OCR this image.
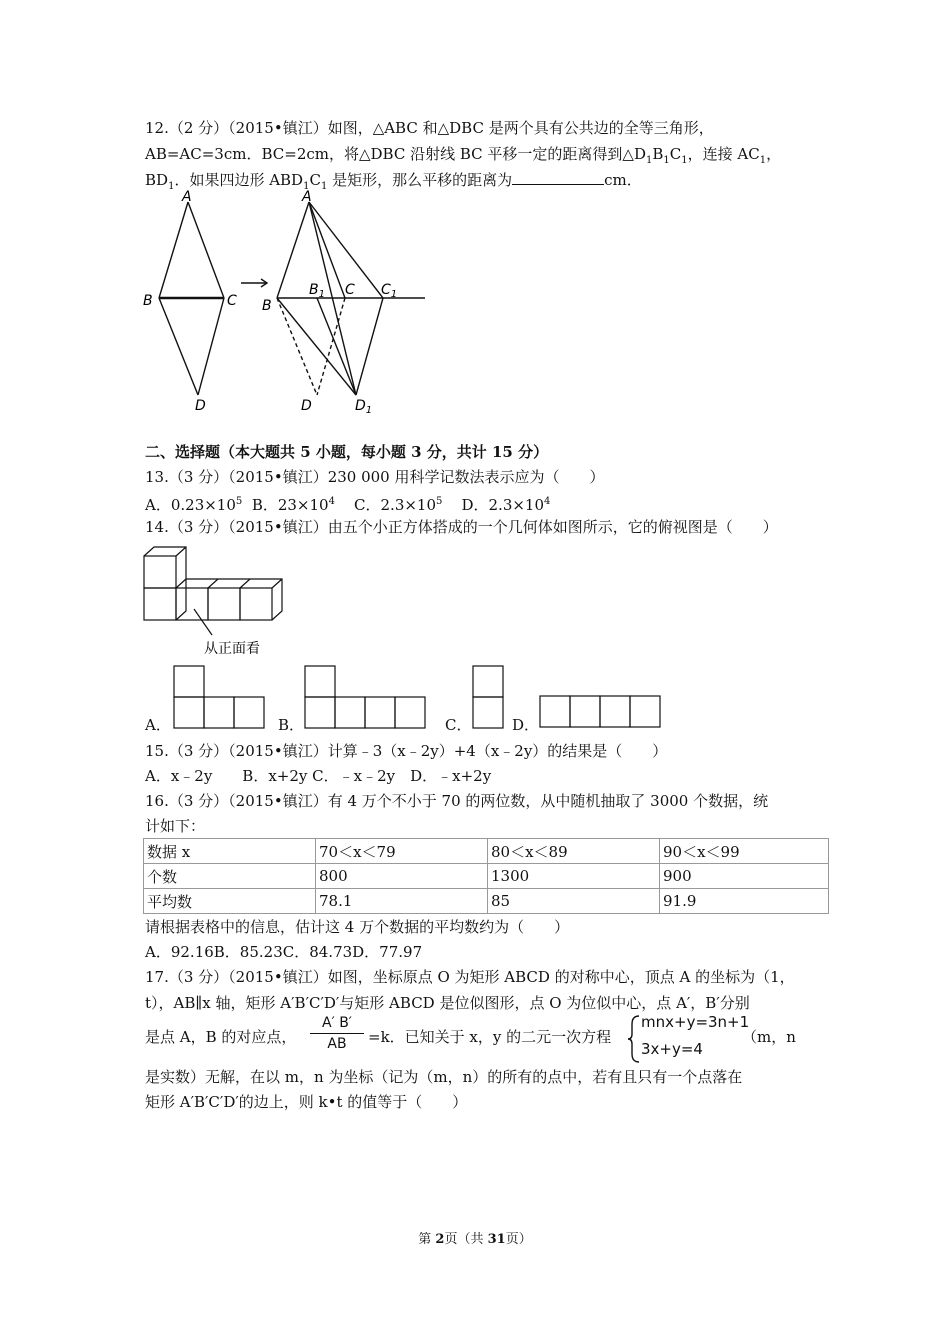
12.（2 分）（2015•镇江）如图，△ABC 和△DBC 是两个具有公共边的全等三角形，
AB=AC=3cm．BC=2cm，将△DBC 沿射线 BC 平移一定的距离得到$\triangle D_1B_1C_1$，连接 $AC_1$，
$BD_1$．如果四边形 $ABD_1C_1$ 是矩形，那么平移的距离为	cm．
A
B	C
D
A
B
$B_1$ C $C_1$
D	$D_1$
二、选择题（本大题共 5 小题，每小题 3 分，共计 15 分）
13.（3 分）（2015•镇江）230 000 用科学记数法表示应为（　　）
A．$0.23\times 10^5$ B．$23\times 10^4$ C．$2.3\times 10^5$ D．$2.3\times 10^4$
14.（3 分）（2015•镇江）由五个小正方体搭成的一个几何体如图所示，它的俯视图是（　　）
从正面看
A．	B．	C．	D．
15.（3 分）（2015•镇江）计算﹣3（x﹣2y）+4（x﹣2y）的结果是（　　）
A．x﹣2y　　B．x+2y C．﹣x﹣2y　D．﹣x+2y
16.（3 分）（2015•镇江）有 4 万个不小于 70 的两位数，从中随机抽取了 3000 个数据，统
计如下：
数据 x	70＜x＜79	80＜x＜89	90＜x＜99
个数	800	1300	900
平均数	78.1	85	91.9
请根据表格中的信息，估计这 4 万个数据的平均数约为（　　）
A．92.16B．85.23C．84.73D．77.97
17.（3 分）（2015•镇江）如图，坐标原点 O 为矩形 ABCD 的对称中心，顶点 A 的坐标为（1，
t），AB∥x 轴，矩形 A′B′C′D′与矩形 ABCD 是位似图形，点 O 为位似中心，点 A′，B′分别
是点 A，B 的对应点，
A′ B′
AB	=k．已知关于 x，y 的二元一次方程
mnx+y=3n+1
3x+y=4
（m，n
是实数）无解，在以 m，n 为坐标（记为（m，n）的所有的点中，若有且只有一个点落在
矩形 A′B′C′D′的边上，则 k•t 的值等于（　　）
第 2页（共 31页）
